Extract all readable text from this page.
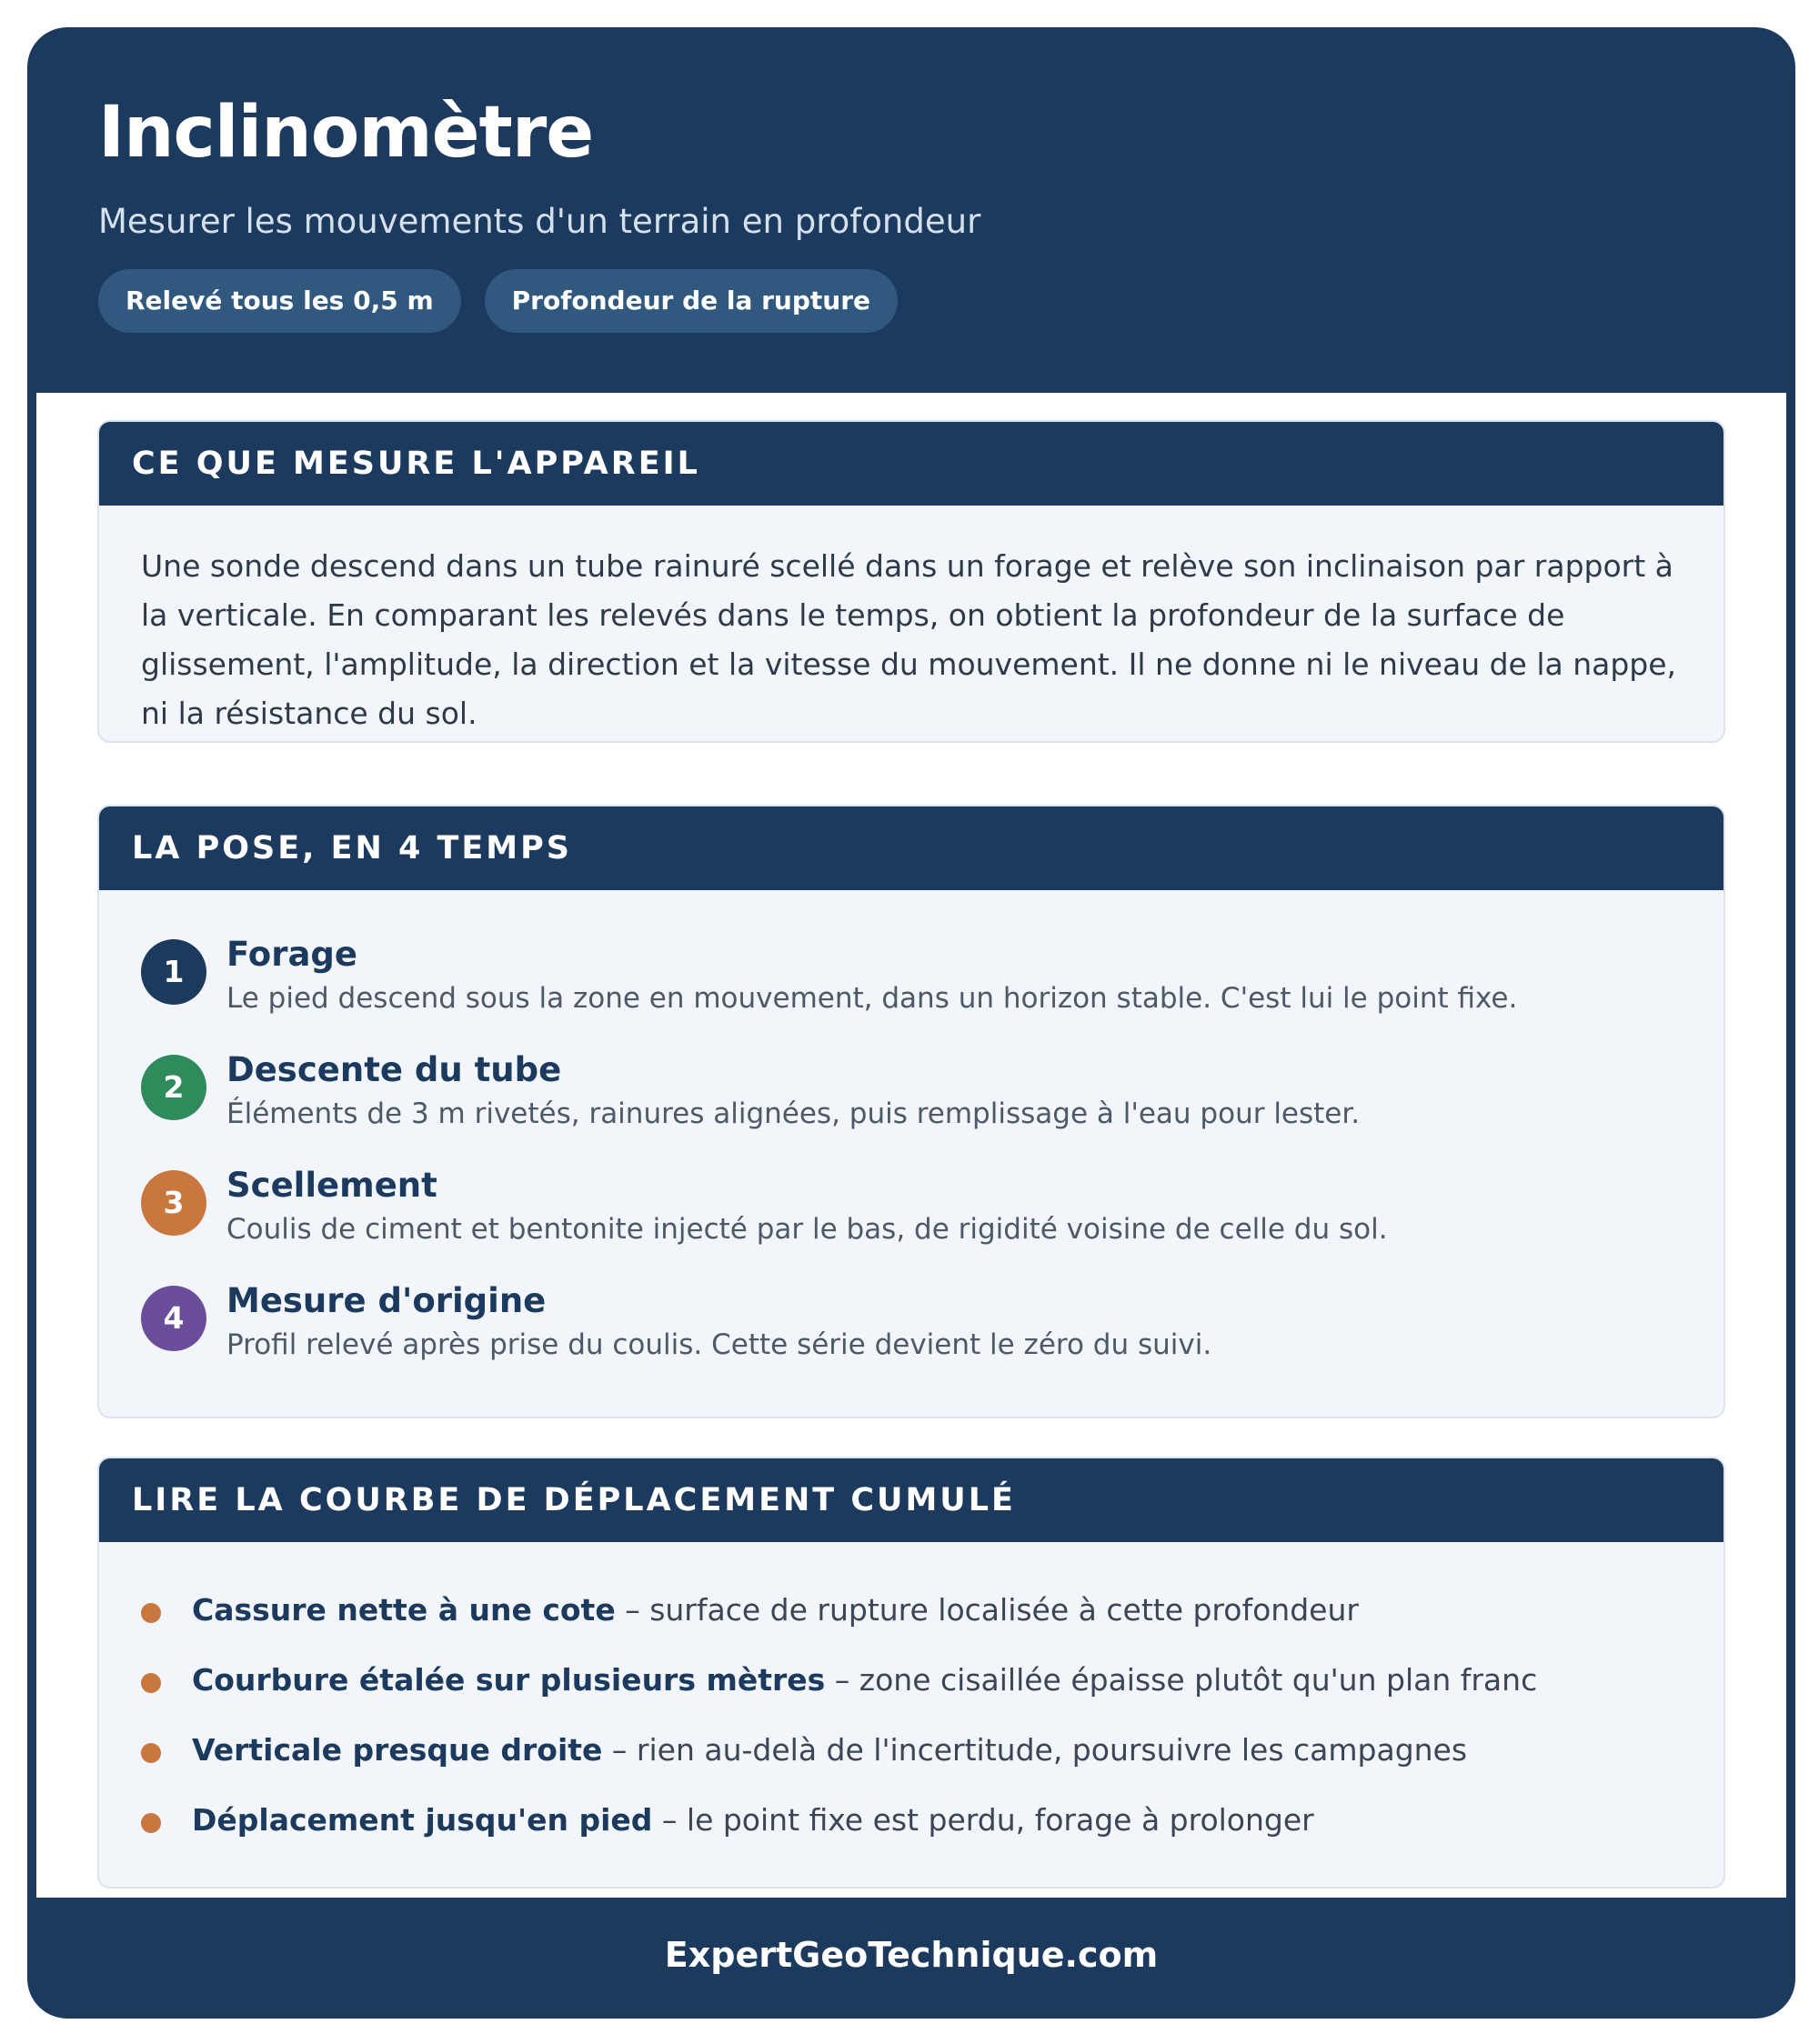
Inclinomètre

Mesurer les mouvements d'un terrain en profondeur

Relevé tous les 0,5 m	Profondeur de la rupture
CE QUE MESURE L'APPAREIL

Une sonde descend dans un tube rainuré scellé dans un forage et relève son inclinaison par rapport à la verticale. En comparant les relevés dans le temps, on obtient la profondeur de la surface de glissement, l'amplitude, la direction et la vitesse du mouvement. Il ne donne ni le niveau de la nappe, ni la résistance du sol.

LA POSE, EN 4 TEMPS
1	Forage
Le pied descend sous la zone en mouvement, dans un horizon stable. C'est lui le point fixe.
2	Descente du tube
Éléments de 3 m rivetés, rainures alignées, puis remplissage à l'eau pour lester.
3	Scellement
Coulis de ciment et bentonite injecté par le bas, de rigidité voisine de celle du sol.
4	Mesure d'origine
Profil relevé après prise du coulis. Cette série devient le zéro du suivi.
LIRE LA COURBE DE DÉPLACEMENT CUMULÉ
Cassure nette à une cote – surface de rupture localisée à cette profondeur
Courbure étalée sur plusieurs mètres – zone cisaillée épaisse plutôt qu'un plan franc
Verticale presque droite – rien au-delà de l'incertitude, poursuivre les campagnes
Déplacement jusqu'en pied – le point fixe est perdu, forage à prolonger
ExpertGeoTechnique.com
